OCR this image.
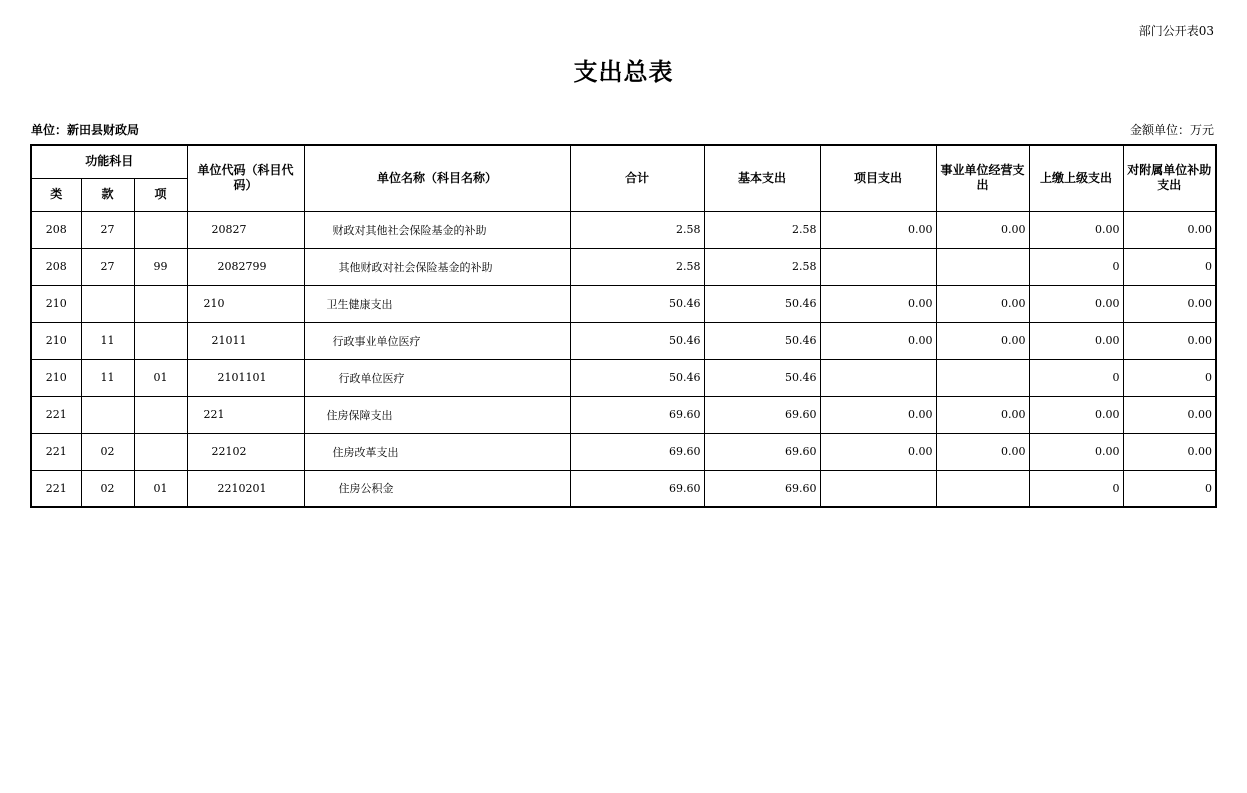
部门公开表03
支出总表
单位：新田县财政局	金额单位：万元
功能科目			单位代码（科目代码）	单位名称（科目名称）	合计	基本支出	项目支出	事业单位经营支出	上缴上级支出	对附属单位补助支出
类	款	项								
208	27		20827	财政对其他社会保险基金的补助	2.58	2.58	0.00	0.00	0.00	0.00
208	27	99	2082799	其他财政对社会保险基金的补助	2.58	2.58			0	0
210			210	卫生健康支出	50.46	50.46	0.00	0.00	0.00	0.00
210	11		21011	行政事业单位医疗	50.46	50.46	0.00	0.00	0.00	0.00
210	11	01	2101101	行政单位医疗	50.46	50.46			0	0
221			221	住房保障支出	69.60	69.60	0.00	0.00	0.00	0.00
221	02		22102	住房改革支出	69.60	69.60	0.00	0.00	0.00	0.00
221	02	01	2210201	住房公积金	69.60	69.60			0	0
